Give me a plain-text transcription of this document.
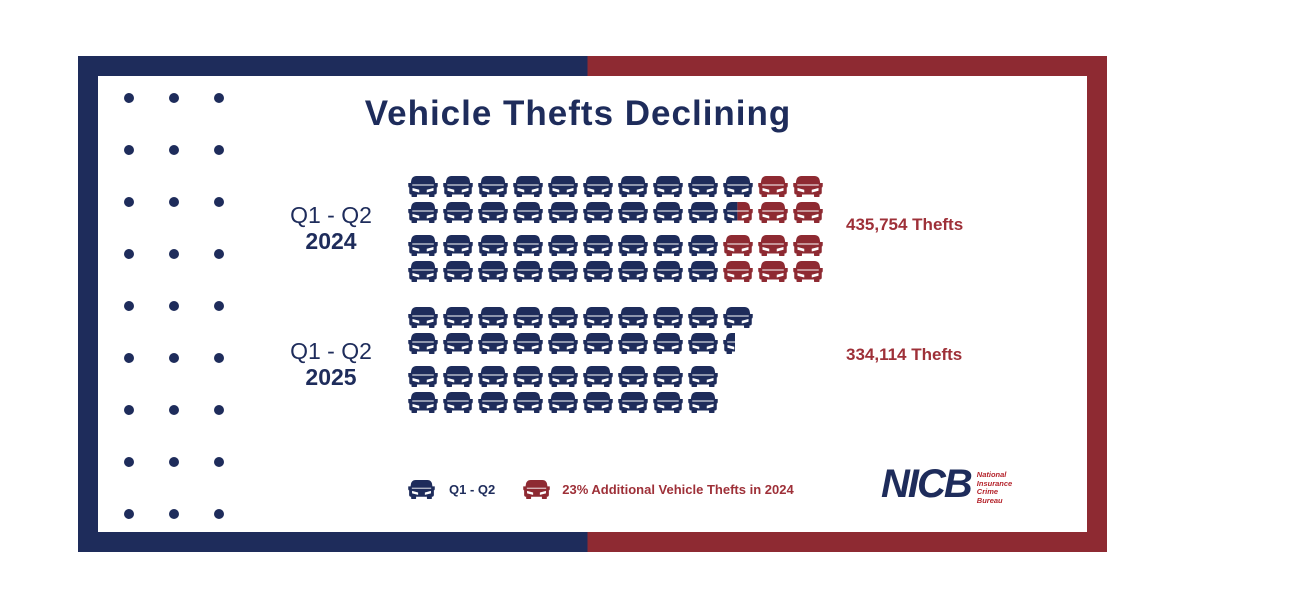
Vehicle Thefts Declining
Q1 - Q2
2024
435,754 Thefts
Q1 - Q2
2025
334,114 Thefts
Q1 - Q2	23% Additional Vehicle Thefts in 2024 NICB National
Insurance
Crime
Bureau
